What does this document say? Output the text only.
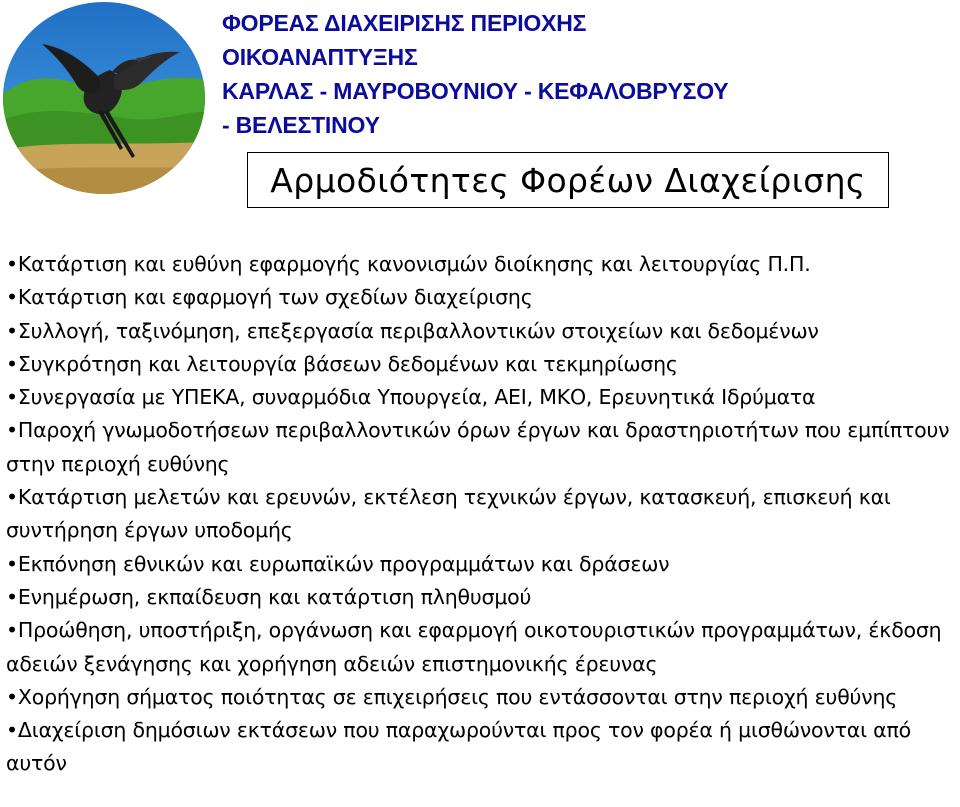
ΦΟΡΕΑΣ ΔΙΑΧΕΙΡΙΣΗΣ ΠΕΡΙΟΧΗΣ
ΟΙΚΟΑΝΑΠΤΥΞΗΣ
ΚΑΡΛΑΣ - ΜΑΥΡΟΒΟΥΝΙΟΥ - ΚΕΦΑΛΟΒΡΥΣΟΥ
- ΒΕΛΕΣΤΙΝΟΥ
Αρμοδιότητες Φορέων Διαχείρισης
•Κατάρτιση και ευθύνη εφαρμογής κανονισμών διοίκησης και λειτουργίας Π.Π.
•Κατάρτιση και εφαρμογή των σχεδίων διαχείρισης
•Συλλογή, ταξινόμηση, επεξεργασία περιβαλλοντικών στοιχείων και δεδομένων
•Συγκρότηση και λειτουργία βάσεων δεδομένων και τεκμηρίωσης
•Συνεργασία με ΥΠΕΚΑ, συναρμόδια Υπουργεία, ΑΕΙ, ΜΚΟ, Ερευνητικά Ιδρύματα
•Παροχή γνωμοδοτήσεων περιβαλλοντικών όρων έργων και δραστηριοτήτων που εμπίπτουν στην περιοχή ευθύνης
•Κατάρτιση μελετών και ερευνών, εκτέλεση τεχνικών έργων, κατασκευή, επισκευή και συντήρηση έργων υποδομής
•Εκπόνηση εθνικών και ευρωπαϊκών προγραμμάτων και δράσεων
•Ενημέρωση, εκπαίδευση και κατάρτιση πληθυσμού
•Προώθηση, υποστήριξη, οργάνωση και εφαρμογή οικοτουριστικών προγραμμάτων, έκδοση αδειών ξενάγησης και χορήγηση αδειών επιστημονικής έρευνας
•Χορήγηση σήματος ποιότητας σε επιχειρήσεις που εντάσσονται στην περιοχή ευθύνης
•Διαχείριση δημόσιων εκτάσεων που παραχωρούνται προς τον φορέα ή μισθώνονται από αυτόν
